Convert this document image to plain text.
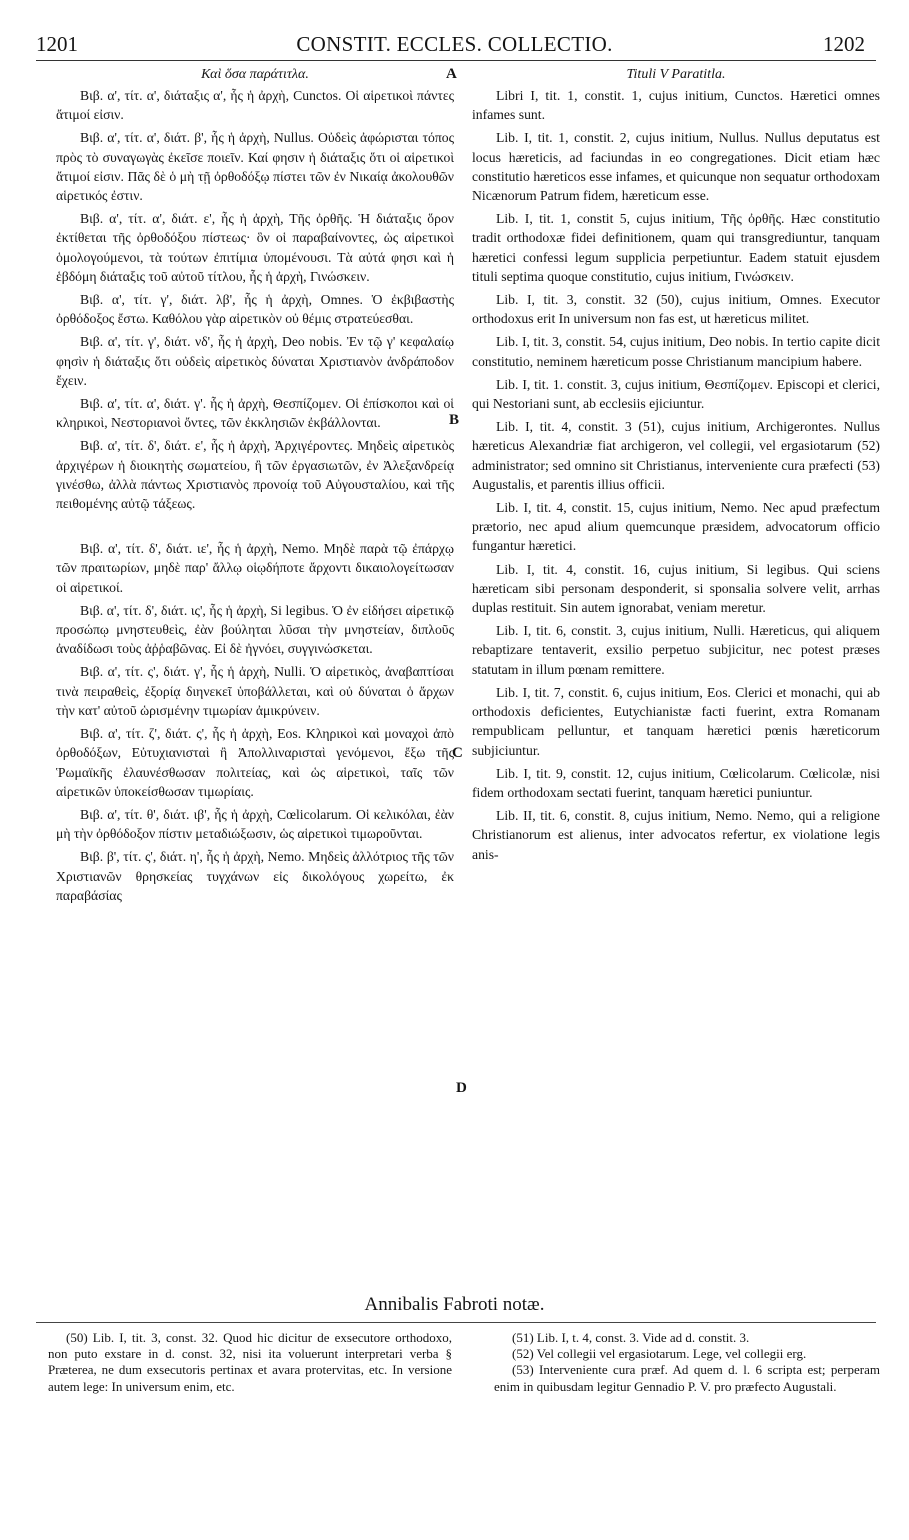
1201	CONSTIT. ECCLES. COLLECTIO.	1202
Καὶ ὅσα παράτιτλα.

Βιβ. α', τίτ. α', διάταξις α', ἧς ἡ ἀρχὴ, Cunctos. Οἱ αἱρετικοὶ πάντες ἄτιμοί εἰσιν.

Βιβ. α', τίτ. α', διάτ. β', ἧς ἡ ἀρχὴ, Nullus. Οὐδεὶς ἀφώρισται τόπος πρὸς τὸ συναγωγὰς ἐκεῖσε ποιεῖν. Καί φησιν ἡ διάταξις ὅτι οἱ αἱρετικοὶ ἄτιμοί εἰσιν. Πᾶς δὲ ὁ μὴ τῇ ὀρθοδόξῳ πίστει τῶν ἐν Νικαίᾳ ἀκολουθῶν αἱρετικός ἐστιν.

Βιβ. α', τίτ. α', διάτ. ε', ἧς ἡ ἀρχὴ, Τῆς ὀρθῆς. Ἡ διάταξις ὅρον ἐκτίθεται τῆς ὀρθοδόξου πίστεως· ὃν οἱ παραβαίνοντες, ὡς αἱρετικοὶ ὁμολογούμενοι, τὰ τούτων ἐπιτίμια ὑπομένουσι. Τὰ αὐτά φησι καὶ ἡ ἑβδόμη διάταξις τοῦ αὐτοῦ τίτλου, ἧς ἡ ἀρχὴ, Γινώσκειν.

Βιβ. α', τίτ. γ', διάτ. λβ', ἧς ἡ ἀρχὴ, Omnes. Ὁ ἐκβιβαστὴς ὀρθόδοξος ἔστω. Καθόλου γὰρ αἱρετικὸν οὐ θέμις στρατεύεσθαι.

Βιβ. α', τίτ. γ', διάτ. νδ', ἧς ἡ ἀρχὴ, Deo nobis. Ἐν τῷ γ' κεφαλαίῳ φησὶν ἡ διάταξις ὅτι οὐδεὶς αἱρετικὸς δύναται Χριστιανὸν ἀνδράποδον ἔχειν.

Βιβ. α', τίτ. α', διάτ. γ'. ἧς ἡ ἀρχὴ, Θεσπίζομεν. Οἱ ἐπίσκοποι καὶ οἱ κληρικοὶ, Νεστοριανοὶ ὄντες, τῶν ἐκκλησιῶν ἐκβάλλονται.

Βιβ. α', τίτ. δ', διάτ. ε', ἧς ἡ ἀρχὴ, Ἀρχιγέροντες. Μηδεὶς αἱρετικὸς ἀρχιγέρων ἡ διοικητὴς σωματείου, ἢ τῶν ἐργασιωτῶν, ἐν Ἀλεξανδρείᾳ γινέσθω, ἀλλὰ πάντως Χριστιανὸς προνοίᾳ τοῦ Αὐγουσταλίου, καὶ τῆς πειθομένης αὐτῷ τάξεως.

Βιβ. α', τίτ. δ', διάτ. ιε', ἧς ἡ ἀρχὴ, Nemo. Μηδὲ παρὰ τῷ ἐπάρχῳ τῶν πραιτωρίων, μηδὲ παρ' ἄλλῳ οἱῳδήποτε ἄρχοντι δικαιολογείτωσαν οἱ αἱρετικοί.

Βιβ. α', τίτ. δ', διάτ. ις', ἧς ἡ ἀρχὴ, Si legibus. Ὁ ἐν εἰδήσει αἱρετικῷ προσώπῳ μνηστευθεὶς, ἐὰν βούληται λῦσαι τὴν μνηστείαν, διπλοῦς ἀναδίδωσι τοὺς ἀῤῥαβῶνας. Εἰ δὲ ἠγνόει, συγγινώσκεται.

Βιβ. α', τίτ. ς', διάτ. γ', ἧς ἡ ἀρχὴ, Nulli. Ὁ αἱρετικὸς, ἀναβαπτίσαι τινὰ πειραθεὶς, ἐξορίᾳ διηνεκεῖ ὑποβάλλεται, καὶ οὐ δύναται ὁ ἄρχων τὴν κατ' αὐτοῦ ὡρισμένην τιμωρίαν ἀμικρύνειν.

Βιβ. α', τίτ. ζ', διάτ. ς', ἧς ἡ ἀρχὴ, Eos. Κληρικοὶ καὶ μοναχοὶ ἀπὸ ὀρθοδόξων, Εὐτυχιανισταὶ ἢ Ἀπολλιναρισταὶ γενόμενοι, ἔξω τῆς Ῥωμαϊκῆς ἐλαυνέσθωσαν πολιτείας, καὶ ὡς αἱρετικοὶ, ταῖς τῶν αἱρετικῶν ὑποκείσθωσαν τιμωρίαις.

Βιβ. α', τίτ. θ', διάτ. ιβ', ἧς ἡ ἀρχὴ, Cœlicolarum. Οἱ κελικόλαι, ἐὰν μὴ τὴν ὀρθόδοξον πίστιν μεταδιώξωσιν, ὡς αἱρετικοὶ τιμωροῦνται.

Βιβ. β', τίτ. ς', διάτ. η', ἧς ἡ ἀρχὴ, Nemo. Μηδεὶς ἀλλότριος τῆς τῶν Χριστιανῶν θρησκείας τυγχάνων εἰς δικολόγους χωρείτω, ἐκ παραβάσίας

A
B
C
D
Tituli V Paratitla.

Libri I, tit. 1, constit. 1, cujus initium, Cunctos. Hæretici omnes infames sunt.

Lib. I, tit. 1, constit. 2, cujus initium, Nullus. Nullus deputatus est locus hæreticis, ad faciundas in eo congregationes. Dicit etiam hæc constitutio hæreticos esse infames, et quicunque non sequatur orthodoxam Nicænorum Patrum fidem, hæreticum esse.

Lib. I, tit. 1, constit 5, cujus initium, Τῆς ὀρθῆς. Hæc constitutio tradit orthodoxæ fidei definitionem, quam qui transgrediuntur, tanquam hæretici confessi legum supplicia perpetiuntur. Eadem statuit ejusdem tituli septima quoque constitutio, cujus initium, Γινώσκειν.

Lib. I, tit. 3, constit. 32 (50), cujus initium, Omnes. Executor orthodoxus erit In universum non fas est, ut hæreticus militet.

Lib. I, tit. 3, constit. 54, cujus initium, Deo nobis. In tertio capite dicit constitutio, neminem hæreticum posse Christianum mancipium habere.

Lib. I, tit. 1. constit. 3, cujus initium, Θεσπίζομεν. Episcopi et clerici, qui Nestoriani sunt, ab ecclesiis ejiciuntur.

Lib. I, tit. 4, constit. 3 (51), cujus initium, Archigerontes. Nullus hæreticus Alexandriæ fiat archigeron, vel collegii, vel ergasiotarum (52) administrator; sed omnino sit Christianus, interveniente cura præfecti (53) Augustalis, et parentis illius officii.

Lib. I, tit. 4, constit. 15, cujus initium, Nemo. Nec apud præfectum prætorio, nec apud alium quemcunque præsidem, advocatorum officio fungantur hæretici.

Lib. I, tit. 4, constit. 16, cujus initium, Si legibus. Qui sciens hæreticam sibi personam desponderit, si sponsalia solvere velit, arrhas duplas restituit. Sin autem ignorabat, veniam meretur.

Lib. I, tit. 6, constit. 3, cujus initium, Nulli. Hæreticus, qui aliquem rebaptizare tentaverit, exsilio perpetuo subjicitur, nec potest præses statutam in illum pœnam remittere.

Lib. I, tit. 7, constit. 6, cujus initium, Eos. Clerici et monachi, qui ab orthodoxis deficientes, Eutychianistæ facti fuerint, extra Romanam rempublicam pelluntur, et tanquam hæretici pœnis hæreticorum subjiciuntur.

Lib. I, tit. 9, constit. 12, cujus initium, Cœlicolarum. Cœlicolæ, nisi fidem orthodoxam sectati fuerint, tanquam hæretici puniuntur.

Lib. II, tit. 6, constit. 8, cujus initium, Nemo. Nemo, qui a religione Christianorum est alienus, inter advocatos refertur, ex violatione legis anis-

Annibalis Fabroti notæ.

(50) Lib. I, tit. 3, const. 32. Quod hic dicitur de exsecutore orthodoxo, non puto exstare in d. const. 32, nisi ita voluerunt interpretari verba § Præterea, ne dum exsecutoris pertinax et avara protervitas, etc. In versione autem lege: In universum enim, etc.

(51) Lib. I, t. 4, const. 3. Vide ad d. constit. 3.

(52) Vel collegii vel ergasiotarum. Lege, vel collegii erg.

(53) Interveniente cura præf. Ad quem d. l. 6 scripta est; perperam enim in quibusdam legitur Gennadio P. V. pro præfecto Augustali.
